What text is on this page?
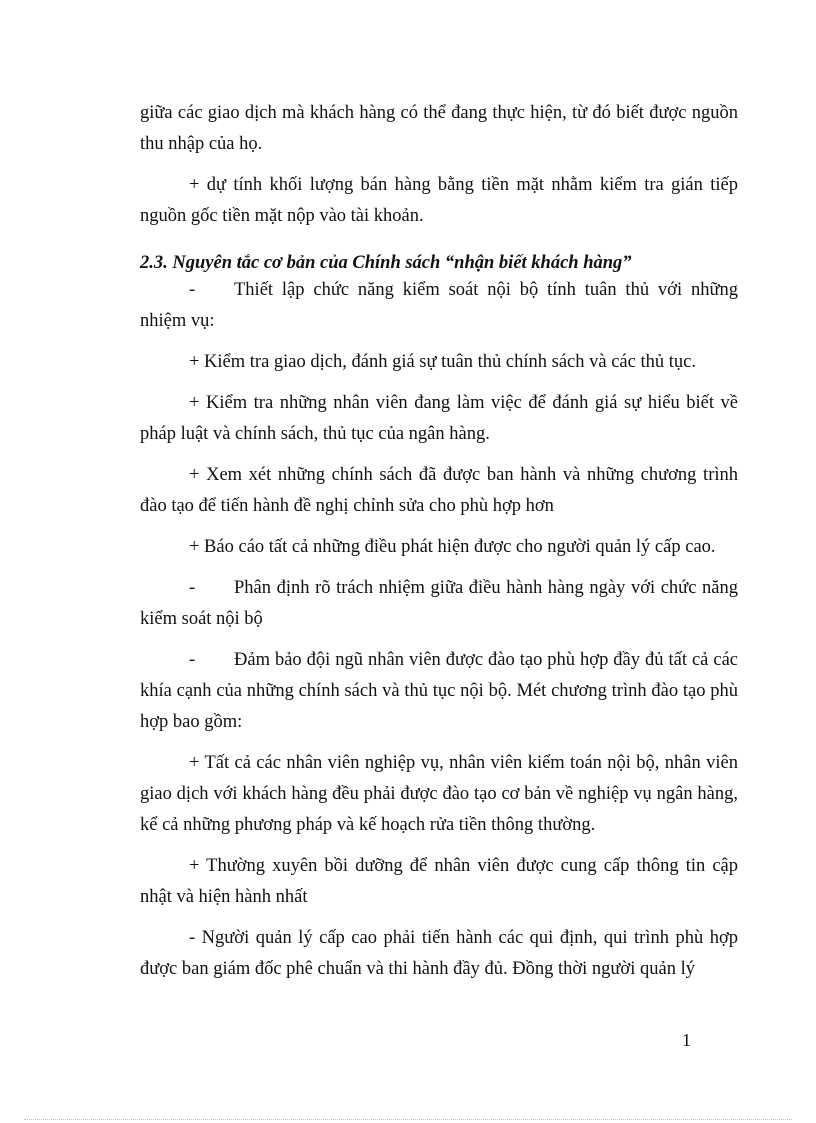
giữa các giao dịch mà khách hàng có thể đang thực hiện, từ đó biết được nguồn thu nhập của họ.

+ dự tính khối lượng bán hàng bằng tiền mặt nhằm kiểm tra gián tiếp nguồn gốc tiền mặt nộp vào tài khoản.

2.3. Nguyên tắc cơ bản của Chính sách “nhận biết khách hàng”

- Thiết lập chức năng kiểm soát nội bộ tính tuân thủ với những nhiệm vụ:

+ Kiểm tra giao dịch, đánh giá sự tuân thủ chính sách và các thủ tục.

+ Kiểm tra những nhân viên đang làm việc để đánh giá sự hiểu biết về pháp luật và chính sách, thủ tục của ngân hàng.

+ Xem xét những chính sách đã được ban hành và những chương trình đào tạo để tiến hành đề nghị chỉnh sửa cho phù hợp hơn

+ Báo cáo tất cả những điều phát hiện được cho người quản lý cấp cao.

- Phân định rõ trách nhiệm giữa điều hành hàng ngày với chức năng kiểm soát nội bộ

- Đảm bảo đội ngũ nhân viên được đào tạo phù hợp đầy đủ tất cả các khía cạnh của những chính sách và thủ tục nội bộ. Mét chương trình đào tạo phù hợp bao gồm:

+ Tất cả các nhân viên nghiệp vụ, nhân viên kiểm toán nội bộ, nhân viên giao dịch với khách hàng đều phải được đào tạo cơ bản về nghiệp vụ ngân hàng, kể cả những phương pháp và kế hoạch rửa tiền thông thường.

+ Thường xuyên bồi dưỡng để nhân viên được cung cấp thông tin cập nhật và hiện hành nhất

- Người quản lý cấp cao phải tiến hành các qui định, qui trình phù hợp được ban giám đốc phê chuẩn và thi hành đầy đủ. Đồng thời người quản lý

1
